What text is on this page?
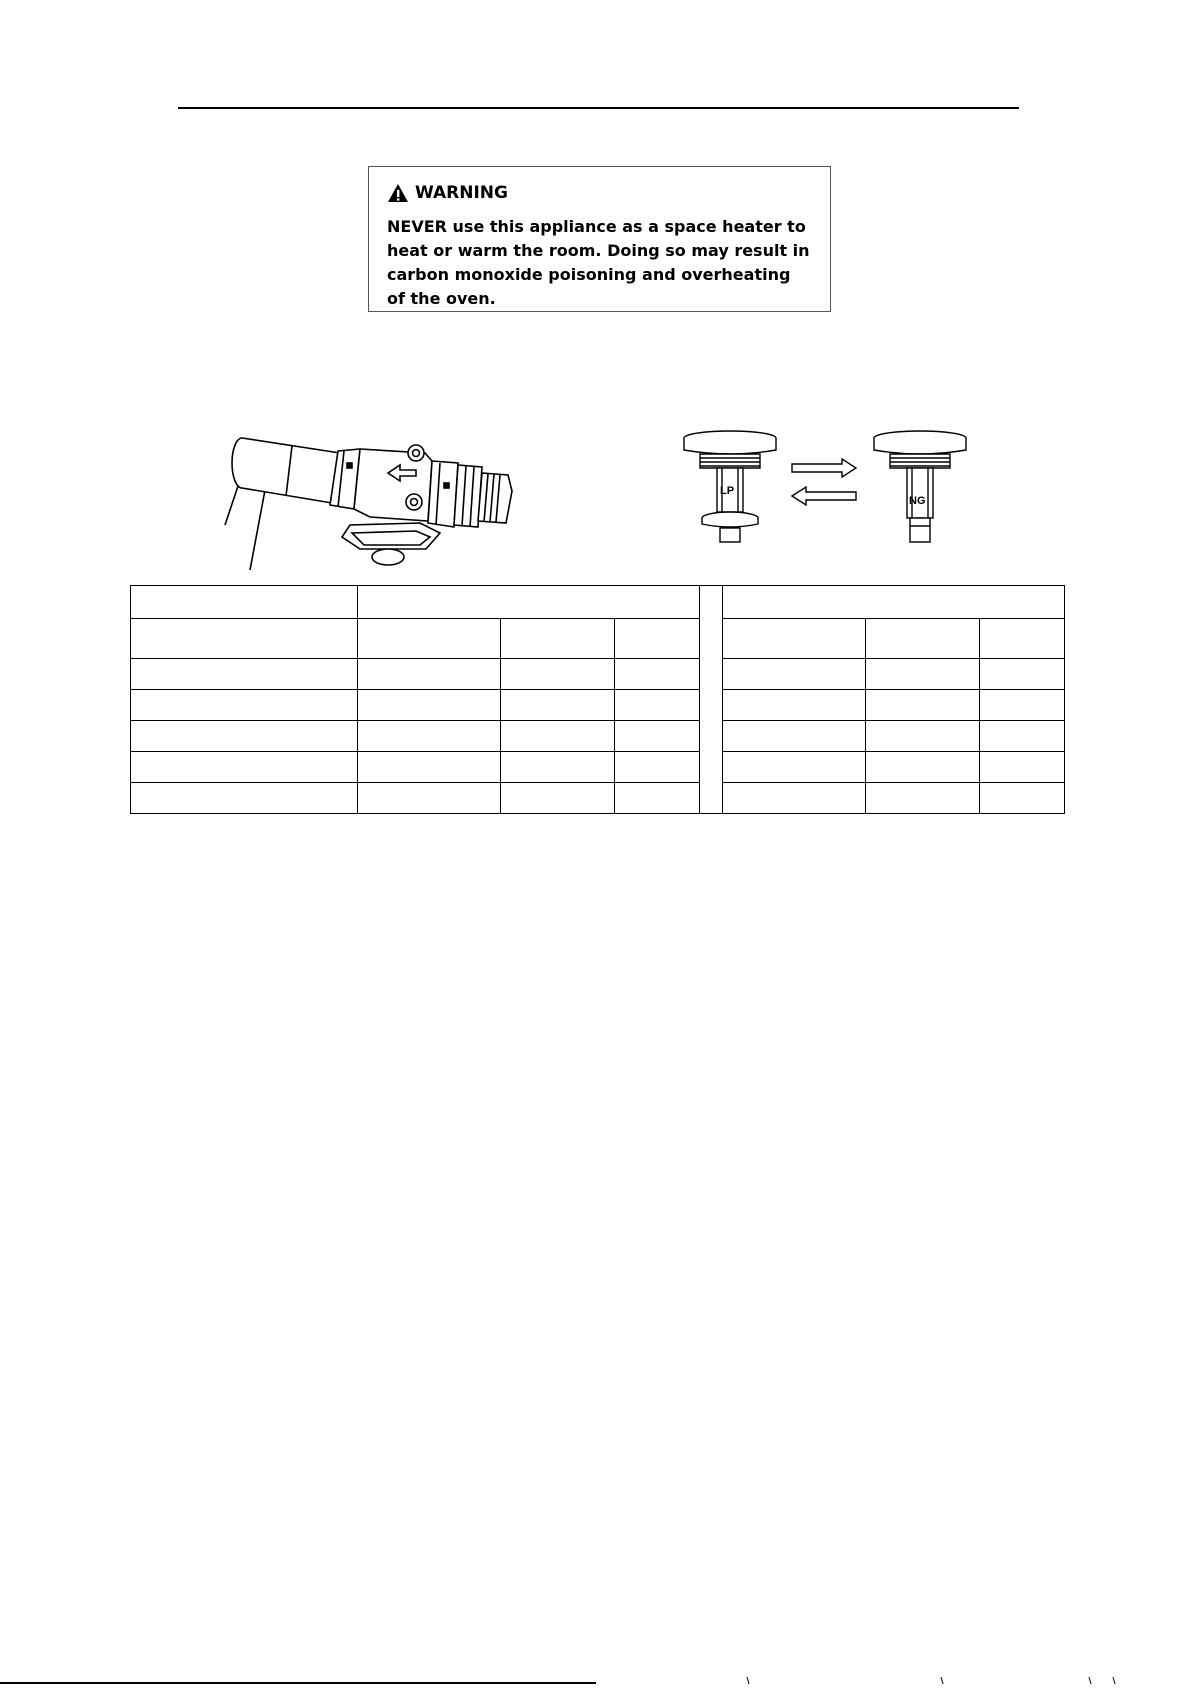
WARNING
NEVER use this appliance as a space heater to heat or warm the room. Doing so may result in carbon monoxide poisoning and overheating of the oven.
LP
NG
